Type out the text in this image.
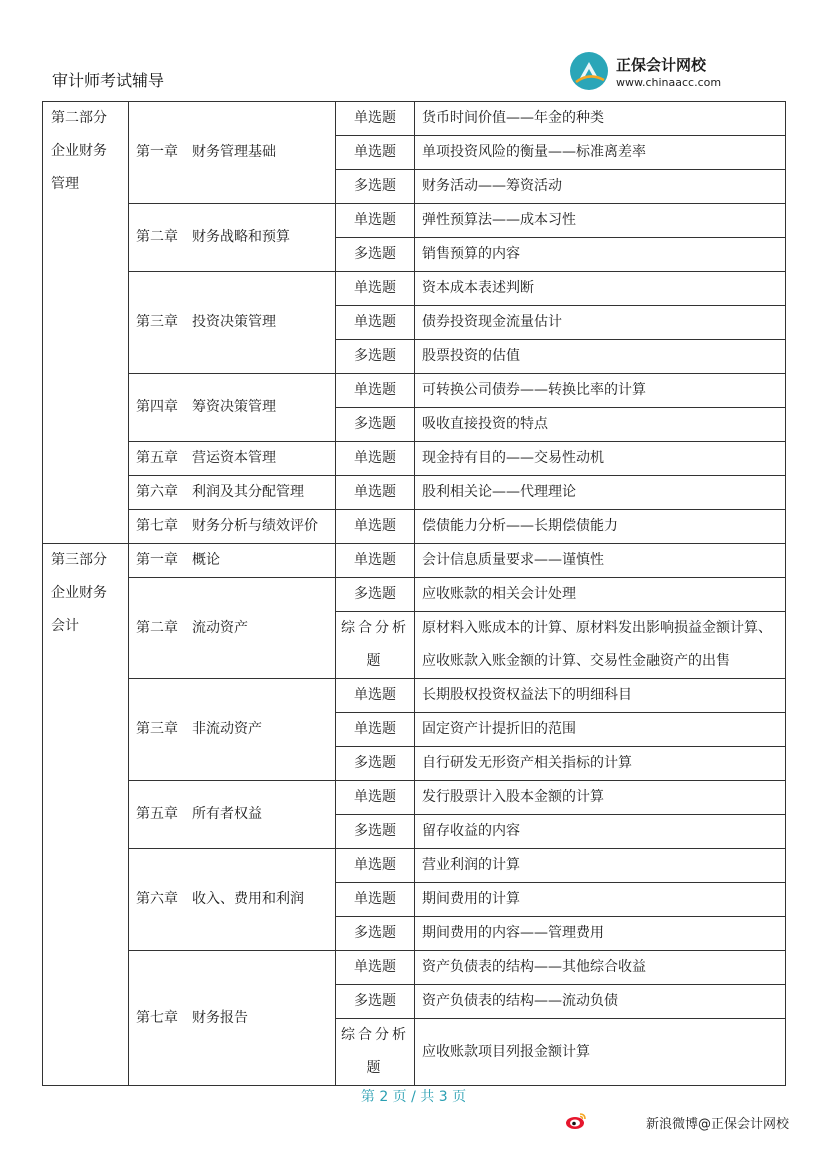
审计师考试辅导
正保会计网校
www.chinaacc.com
第二部分
企业财务
管理	第一章　财务管理基础	单选题	货币时间价值——年金的种类
		单选题	单项投资风险的衡量——标准离差率
		多选题	财务活动——筹资活动
	第二章　财务战略和预算	单选题	弹性预算法——成本习性
		多选题	销售预算的内容
	第三章　投资决策管理	单选题	资本成本表述判断
		单选题	债券投资现金流量估计
		多选题	股票投资的估值
	第四章　筹资决策管理	单选题	可转换公司债券——转换比率的计算
		多选题	吸收直接投资的特点
	第五章　营运资本管理	单选题	现金持有目的——交易性动机
	第六章　利润及其分配管理	单选题	股利相关论——代理理论
	第七章　财务分析与绩效评价	单选题	偿债能力分析——长期偿债能力

第三部分
企业财务
会计	第一章　概论	单选题	会计信息质量要求——谨慎性
	第二章　流动资产	多选题	应收账款的相关会计处理
		综合分析题	原材料入账成本的计算、原材料发出影响损益金额计算、应收账款入账金额的计算、交易性金融资产的出售
	第三章　非流动资产	单选题	长期股权投资权益法下的明细科目
		单选题	固定资产计提折旧的范围
		多选题	自行研发无形资产相关指标的计算
	第五章　所有者权益	单选题	发行股票计入股本金额的计算
		多选题	留存收益的内容
	第六章　收入、费用和利润	单选题	营业利润的计算
		单选题	期间费用的计算
		多选题	期间费用的内容——管理费用
	第七章　财务报告	单选题	资产负债表的结构——其他综合收益
		多选题	资产负债表的结构——流动负债
		综合分析题	应收账款项目列报金额计算
第 2 页 / 共 3 页
新浪微博@正保会计网校
